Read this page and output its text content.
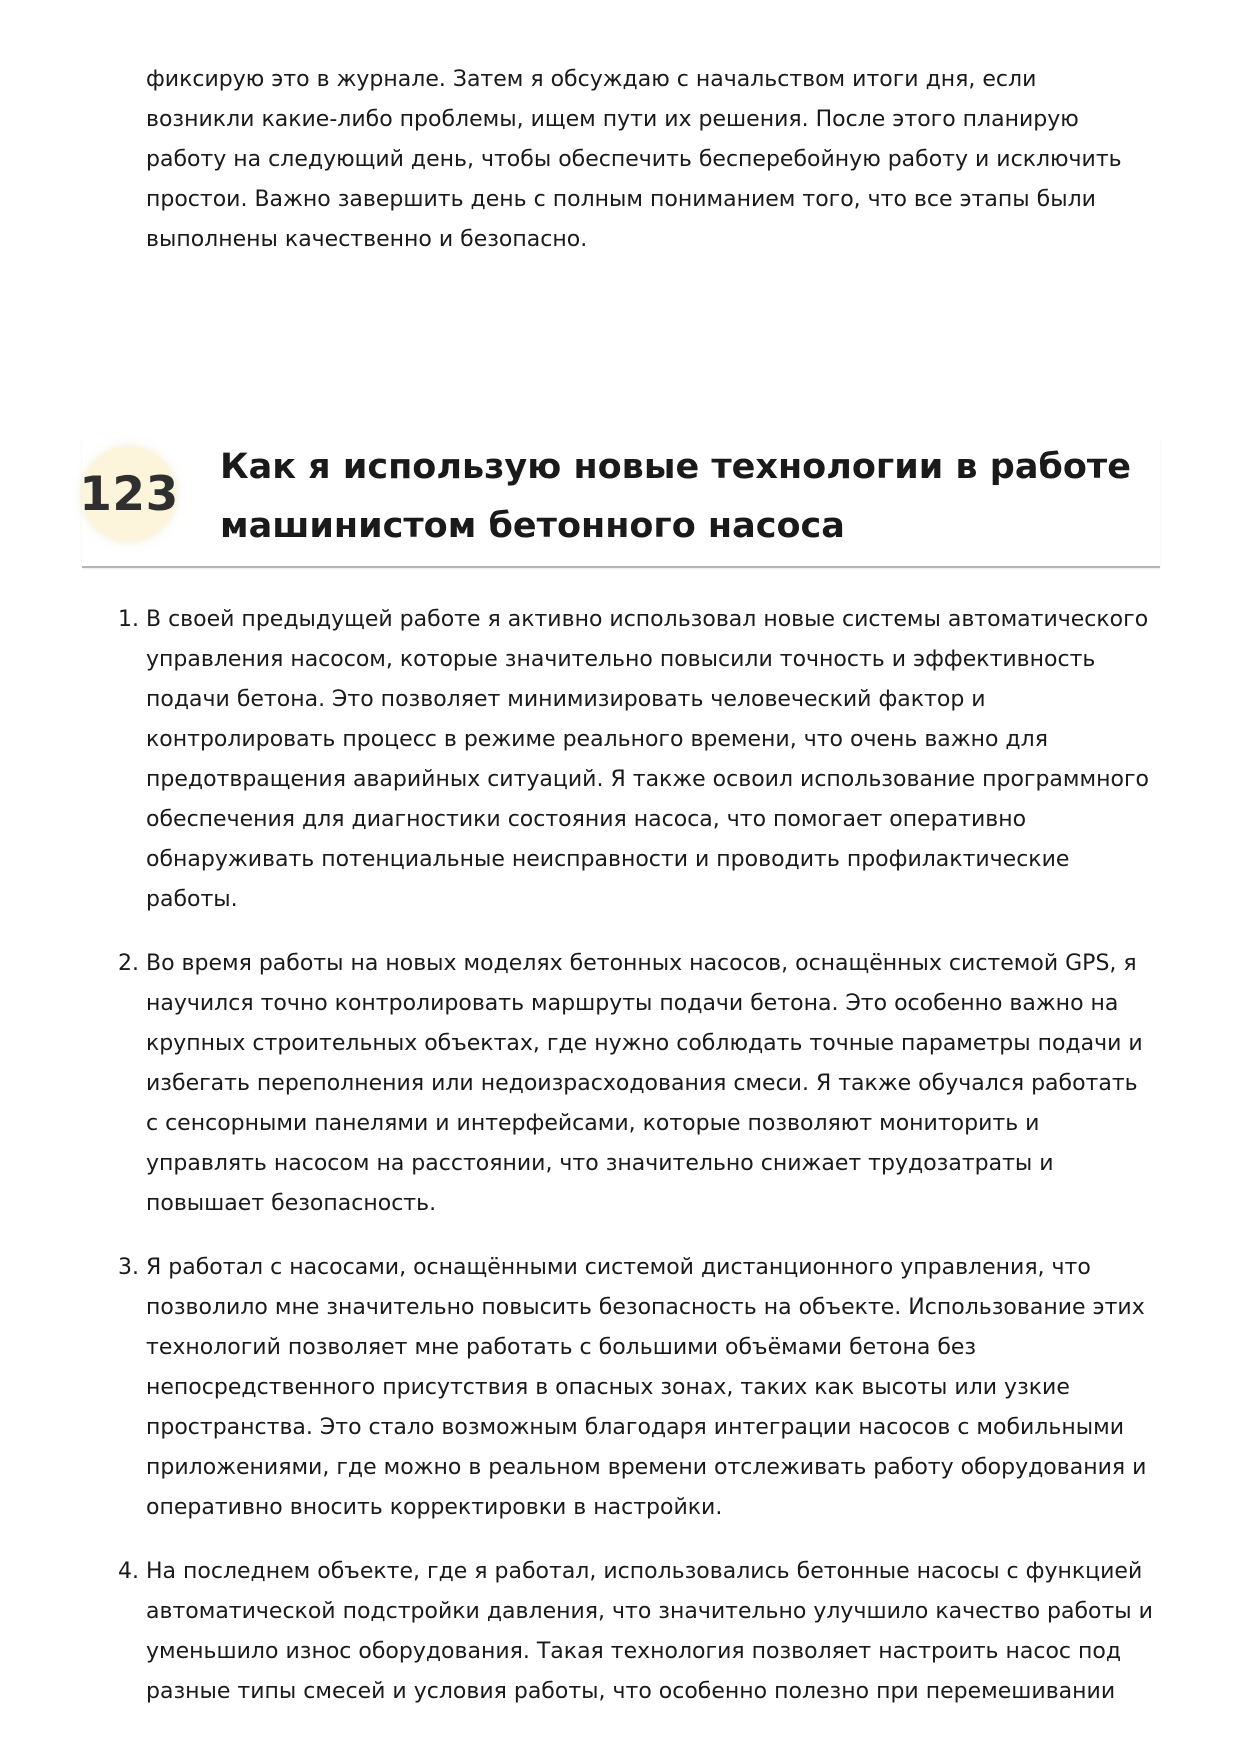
фиксирую это в журнале. Затем я обсуждаю с начальством итоги дня, если возникли какие-либо проблемы, ищем пути их решения. После этого планирую работу на следующий день, чтобы обеспечить бесперебойную работу и исключить простои. Важно завершить день с полным пониманием того, что все этапы были выполнены качественно и безопасно.

123 Как я использую новые технологии в работе машинистом бетонного насоса
1. В своей предыдущей работе я активно использовал новые системы автоматического управления насосом, которые значительно повысили точность и эффективность подачи бетона. Это позволяет минимизировать человеческий фактор и контролировать процесс в режиме реального времени, что очень важно для предотвращения аварийных ситуаций. Я также освоил использование программного обеспечения для диагностики состояния насоса, что помогает оперативно обнаруживать потенциальные неисправности и проводить профилактические работы.
2. Во время работы на новых моделях бетонных насосов, оснащённых системой GPS, я научился точно контролировать маршруты подачи бетона. Это особенно важно на крупных строительных объектах, где нужно соблюдать точные параметры подачи и избегать переполнения или недоизрасходования смеси. Я также обучался работать с сенсорными панелями и интерфейсами, которые позволяют мониторить и управлять насосом на расстоянии, что значительно снижает трудозатраты и повышает безопасность.
3. Я работал с насосами, оснащёнными системой дистанционного управления, что позволило мне значительно повысить безопасность на объекте. Использование этих технологий позволяет мне работать с большими объёмами бетона без непосредственного присутствия в опасных зонах, таких как высоты или узкие пространства. Это стало возможным благодаря интеграции насосов с мобильными приложениями, где можно в реальном времени отслеживать работу оборудования и оперативно вносить корректировки в настройки.
4. На последнем объекте, где я работал, использовались бетонные насосы с функцией автоматической подстройки давления, что значительно улучшило качество работы и уменьшило износ оборудования. Такая технология позволяет настроить насос под разные типы смесей и условия работы, что особенно полезно при перемешивании
